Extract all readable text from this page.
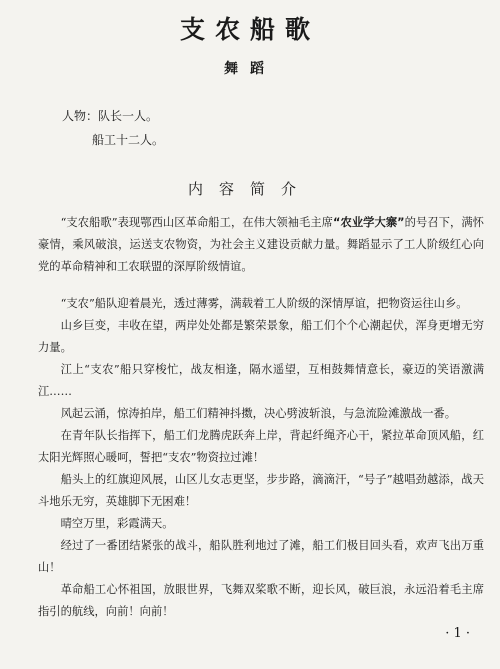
支农船歌
舞蹈
人物：队长一人。
船工十二人。
内容简介

“支农船歌”表现鄂西山区革命船工，在伟大领袖毛主席“农业学大寨”的号召下，满怀豪情，乘风破浪，运送支农物资，为社会主义建设贡献力量。舞蹈显示了工人阶级红心向党的革命精神和工农联盟的深厚阶级情谊。

“支农”船队迎着晨光，透过薄雾，满载着工人阶级的深情厚谊，把物资运往山乡。

山乡巨变，丰收在望，两岸处处都是繁荣景象，船工们个个心潮起伏，浑身更增无穷力量。

江上“支农”船只穿梭忙，战友相逢，隔水遥望，互相鼓舞情意长，豪迈的笑语激满江……

风起云涌，惊涛拍岸，船工们精神抖擞，决心劈波斩浪，与急流险滩激战一番。

在青年队长指挥下，船工们龙腾虎跃奔上岸，背起纤绳齐心干，紧拉革命顶风船，红太阳光辉照心暖呵，誓把“支农”物资拉过滩！

船头上的红旗迎风展，山区儿女志更坚，步步路，滴滴汗，“号子”越唱劲越添，战天斗地乐无穷，英雄脚下无困难！

晴空万里，彩霞满天。

经过了一番团结紧张的战斗，船队胜利地过了滩，船工们极目回头看，欢声飞出万重山！

革命船工心怀祖国，放眼世界，飞舞双桨歌不断，迎长风，破巨浪，永远沿着毛主席指引的航线，向前！向前！

· 1 ·
